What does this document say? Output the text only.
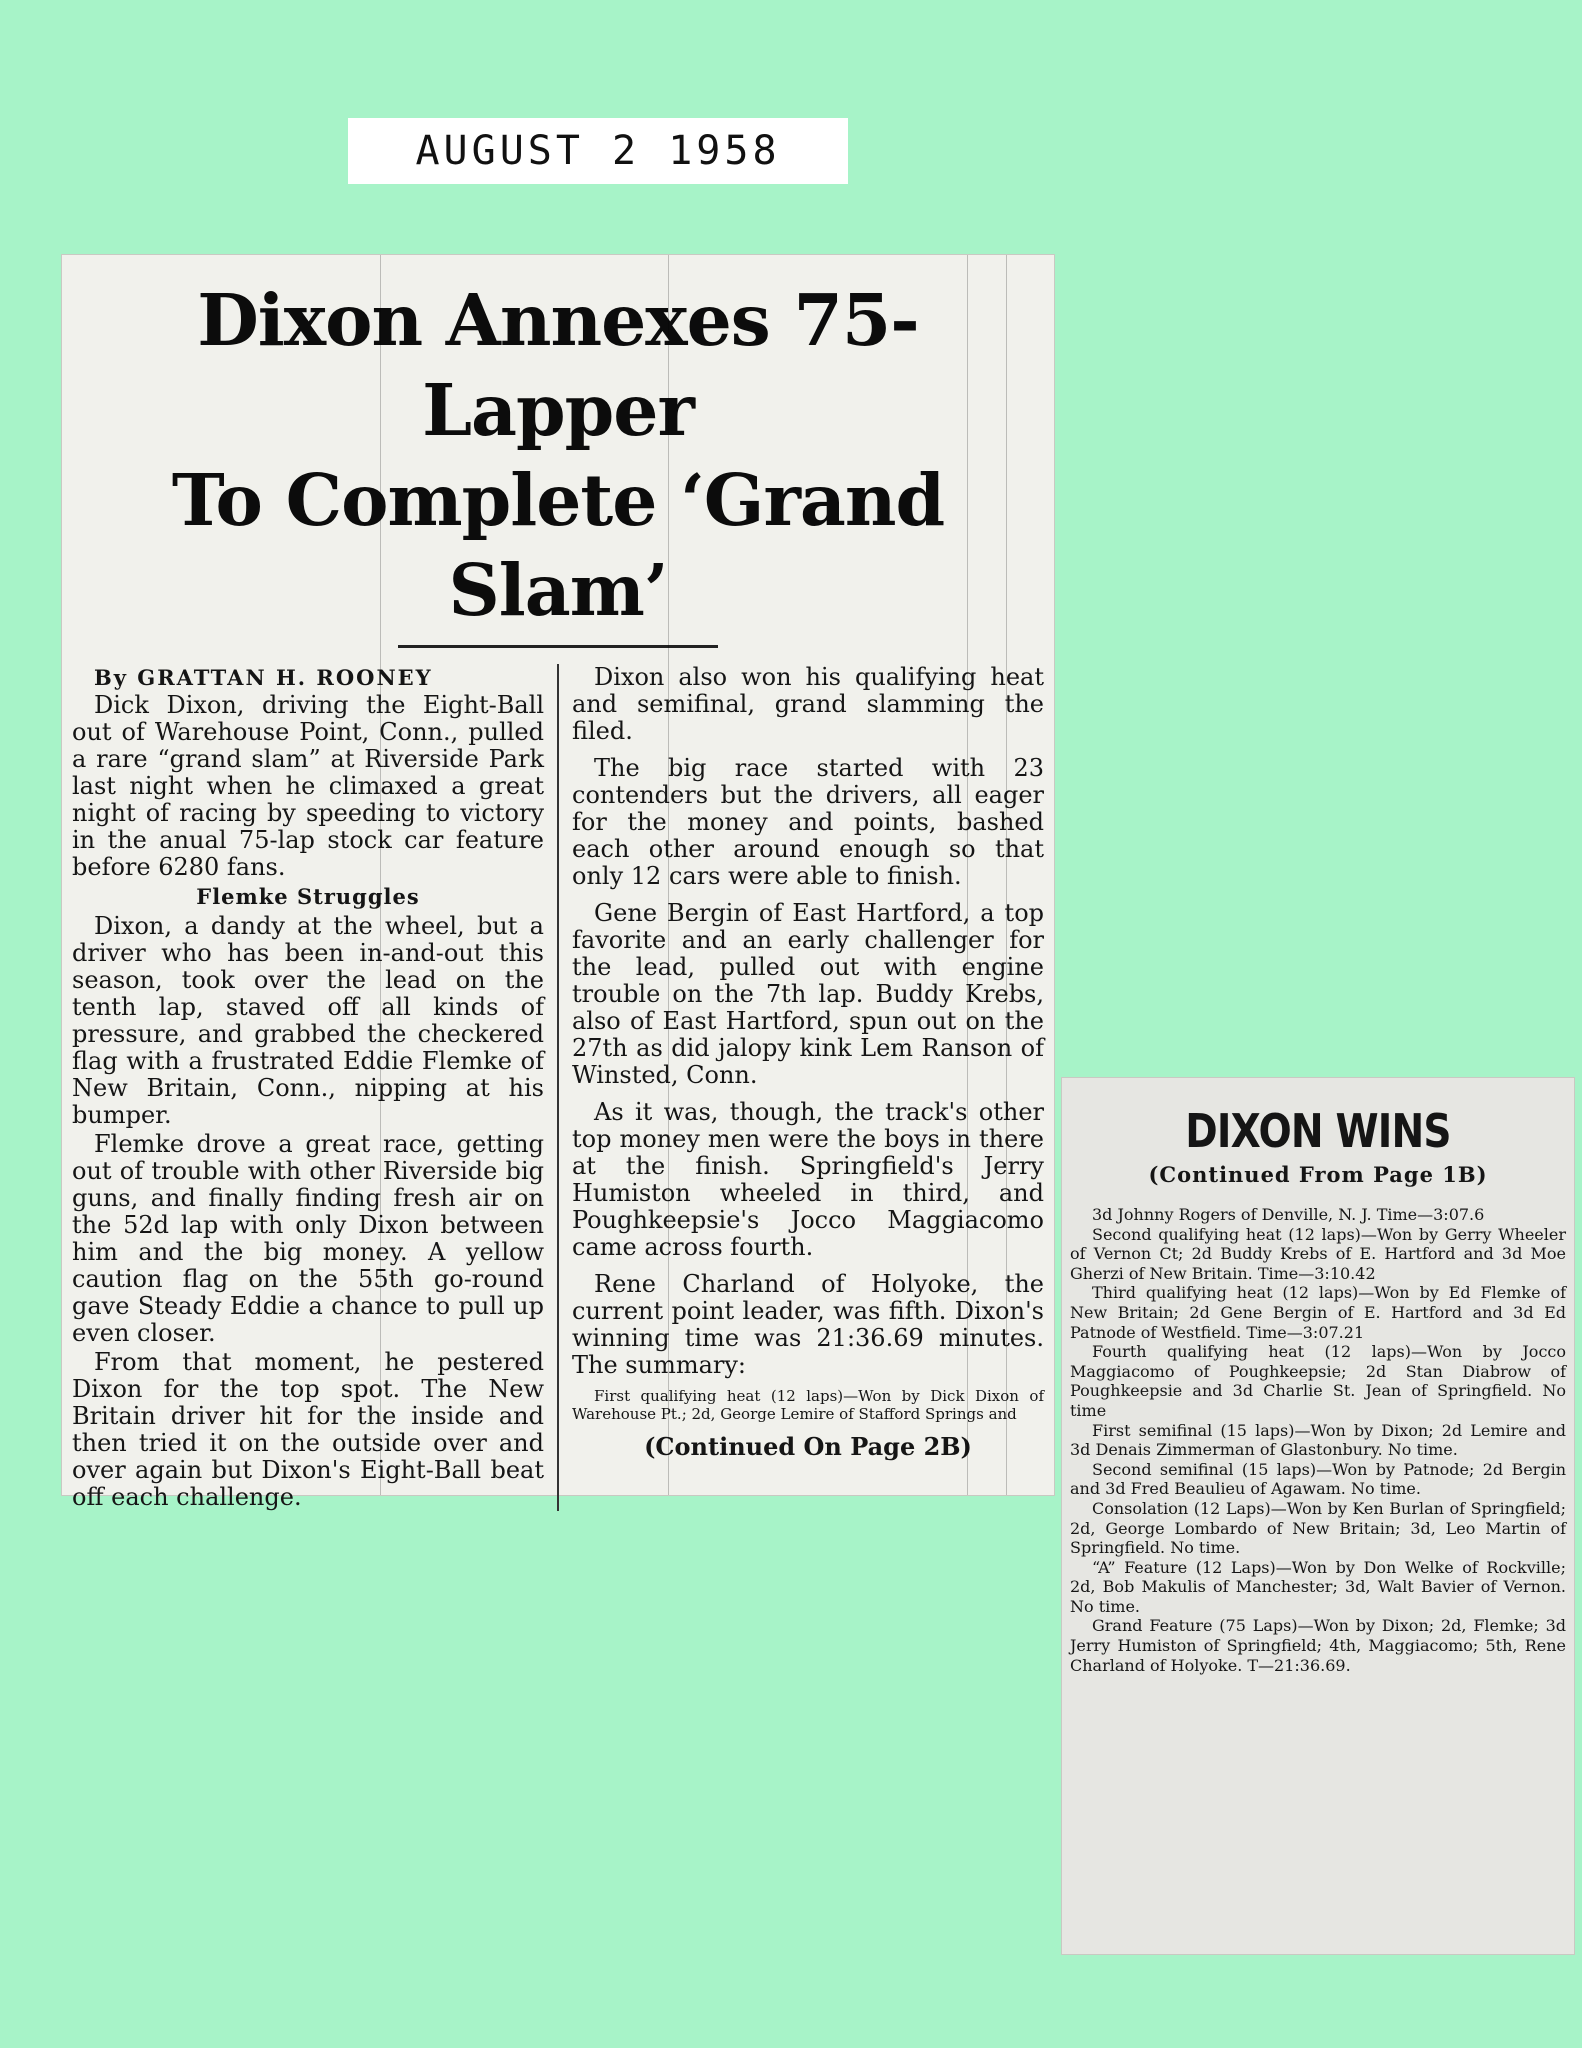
AUGUST 2 1958
Dixon Annexes 75-Lapper
To Complete ‘Grand Slam’
By GRATTAN H. ROONEY

Dick Dixon, driving the Eight-Ball out of Warehouse Point, Conn., pulled a rare “grand slam” at Riverside Park last night when he climaxed a great night of racing by speeding to victory in the anual 75-lap stock car feature before 6280 fans.

Flemke Struggles

Dixon, a dandy at the wheel, but a driver who has been in-and-out this season, took over the lead on the tenth lap, staved off all kinds of pressure, and grabbed the checkered flag with a frustrated Eddie Flemke of New Britain, Conn., nipping at his bumper.

Flemke drove a great race, getting out of trouble with other Riverside big guns, and finally finding fresh air on the 52d lap with only Dixon between him and the big money. A yellow caution flag on the 55th go-round gave Steady Eddie a chance to pull up even closer.

From that moment, he pestered Dixon for the top spot. The New Britain driver hit for the inside and then tried it on the outside over and over again but Dixon's Eight-Ball beat off each challenge.

Dixon also won his qualifying heat and semifinal, grand slamming the filed.

The big race started with 23 contenders but the drivers, all eager for the money and points, bashed each other around enough so that only 12 cars were able to finish.

Gene Bergin of East Hartford, a top favorite and an early challenger for the lead, pulled out with engine trouble on the 7th lap. Buddy Krebs, also of East Hartford, spun out on the 27th as did jalopy kink Lem Ranson of Winsted, Conn.

As it was, though, the track's other top money men were the boys in there at the finish. Springfield's Jerry Humiston wheeled in third, and Poughkeepsie's Jocco Maggiacomo came across fourth.

Rene Charland of Holyoke, the current point leader, was fifth. Dixon's winning time was 21:36.69 minutes. The summary:

First qualifying heat (12 laps)—Won by Dick Dixon of Warehouse Pt.; 2d, George Lemire of Stafford Springs and

(Continued On Page 2B)

DIXON WINS
(Continued From Page 1B)

3d Johnny Rogers of Denville, N. J. Time—3:07.6

Second qualifying heat (12 laps)—Won by Gerry Wheeler of Vernon Ct; 2d Buddy Krebs of E. Hartford and 3d Moe Gherzi of New Britain. Time—3:10.42

Third qualifying heat (12 laps)—Won by Ed Flemke of New Britain; 2d Gene Bergin of E. Hartford and 3d Ed Patnode of Westfield. Time—3:07.21

Fourth qualifying heat (12 laps)—Won by Jocco Maggiacomo of Poughkeepsie; 2d Stan Diabrow of Poughkeepsie and 3d Charlie St. Jean of Springfield. No time

First semifinal (15 laps)—Won by Dixon; 2d Lemire and 3d Denais Zimmerman of Glastonbury. No time.

Second semifinal (15 laps)—Won by Patnode; 2d Bergin and 3d Fred Beaulieu of Agawam. No time.

Consolation (12 Laps)—Won by Ken Burlan of Springfield; 2d, George Lombardo of New Britain; 3d, Leo Martin of Springfield. No time.

“A” Feature (12 Laps)—Won by Don Welke of Rockville; 2d, Bob Makulis of Manchester; 3d, Walt Bavier of Vernon. No time.

Grand Feature (75 Laps)—Won by Dixon; 2d, Flemke; 3d Jerry Humiston of Springfield; 4th, Maggiacomo; 5th, Rene Charland of Holyoke. T—21:36.69.
